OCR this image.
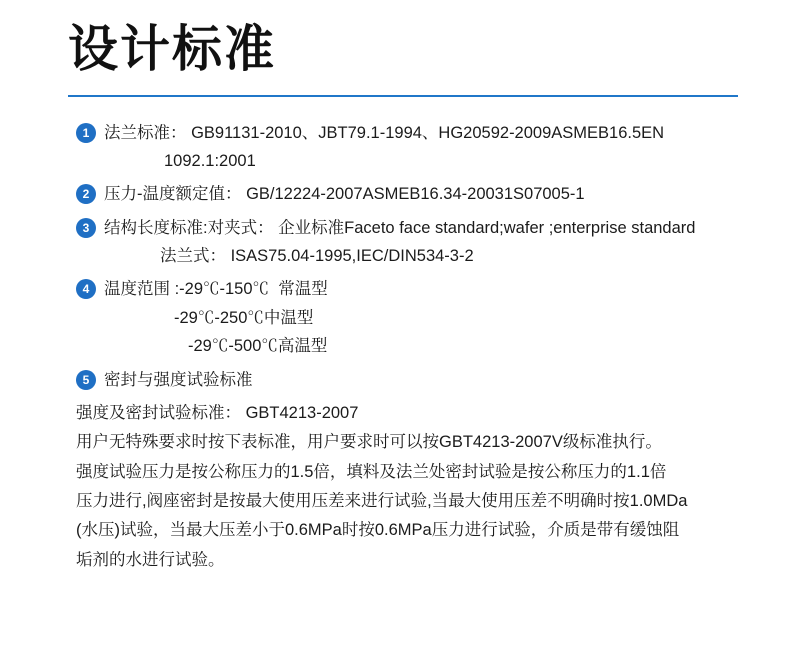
设计标准
1 法兰标准： GB91131-2010、JBT79.1-1994、HG20592-2009ASMEB16.5EN
1092.1:2001
2 压力-温度额定值： GB/12224-2007ASMEB16.34-20031S07005-1
3 结构长度标准:对夹式： 企业标准Faceto face standard;wafer ;enterprise standard
法兰式： ISAS75.04-1995,IEC/DIN534-3-2
4 温度范围 :-29℃-150℃  常温型
-29℃-250℃中温型
-29℃-500℃高温型
5 密封与强度试验标准
强度及密封试验标准： GBT4213-2007
用户无特殊要求时按下表标准，用户要求时可以按GBT4213-2007V级标准执行。
强度试验压力是按公称压力的1.5倍，填料及法兰处密封试验是按公称压力的1.1倍
压力进行,阀座密封是按最大使用压差来进行试验,当最大使用压差不明确时按1.0MDa
(水压)试验，当最大压差小于0.6MPa时按0.6MPa压力进行试验，介质是带有缓蚀阻
垢剂的水进行试验。
